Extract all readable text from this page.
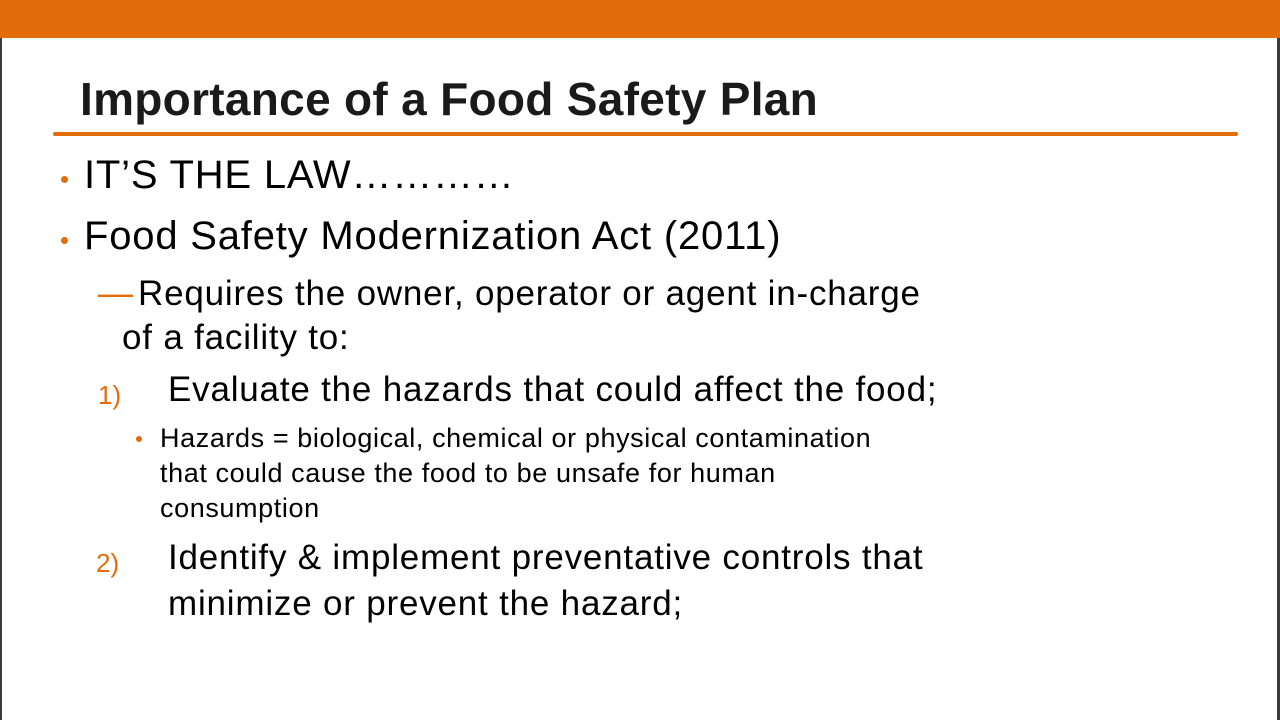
Importance of a Food Safety Plan
IT’S THE LAW…………
Food Safety Modernization Act (2011)
— Requires the owner, operator or agent in-charge
of a facility to:
1) Evaluate the hazards that could affect the food;
Hazards = biological, chemical or physical contamination
that could cause the food to be unsafe for human
consumption
2) Identify & implement preventative controls that
minimize or prevent the hazard;
